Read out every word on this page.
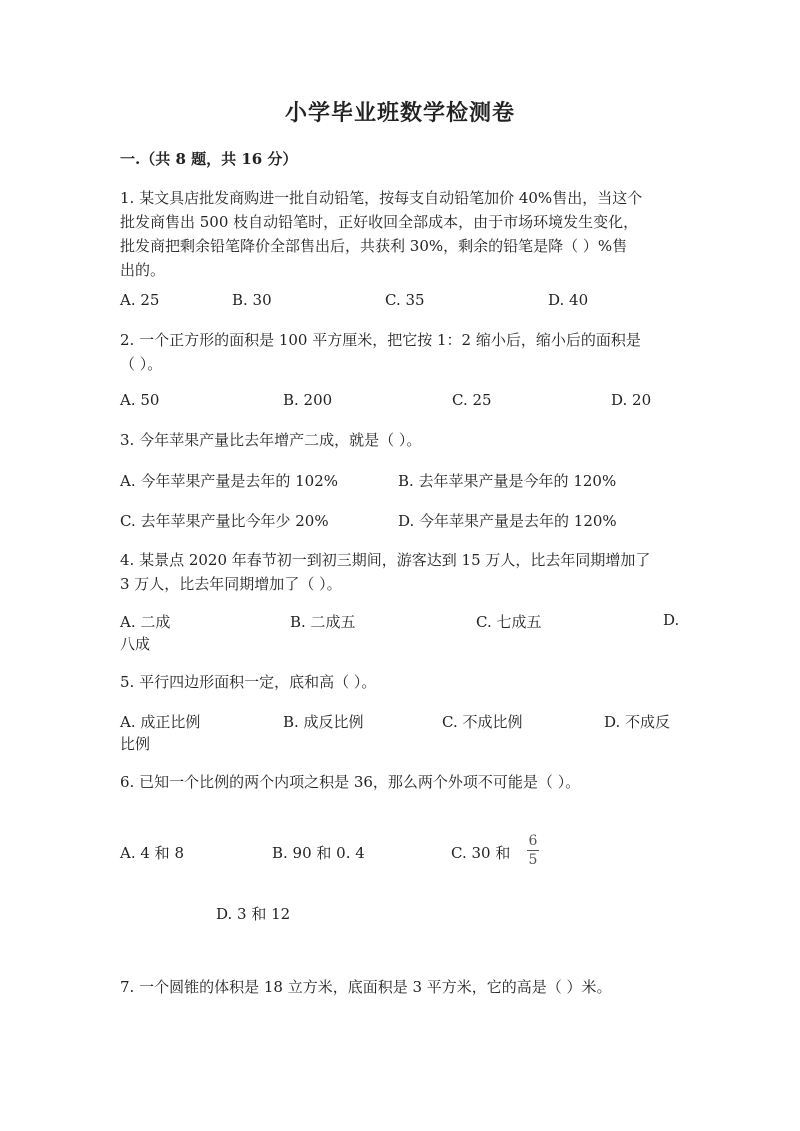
小学毕业班数学检测卷
一.（共 8 题，共 16 分）
1. 某文具店批发商购进一批自动铅笔，按每支自动铅笔加价 40%售出，当这个
批发商售出 500 枝自动铅笔时，正好收回全部成本，由于市场环境发生变化，
批发商把剩余铅笔降价全部售出后，共获利 30%，剩余的铅笔是降（ ）%售
出的。
A. 25	B. 30	C. 35	D. 40
2. 一个正方形的面积是 100 平方厘米，把它按 1：2 缩小后，缩小后的面积是
（ ）。
A. 50	B. 200	C. 25	D. 20
3. 今年苹果产量比去年增产二成，就是（ ）。
A. 今年苹果产量是去年的 102%	B. 去年苹果产量是今年的 120%
C. 去年苹果产量比今年少 20%	D. 今年苹果产量是去年的 120%
4. 某景点 2020 年春节初一到初三期间，游客达到 15 万人，比去年同期增加了
3 万人，比去年同期增加了（ ）。
A. 二成	B. 二成五	C. 七成五	D.
八成
5. 平行四边形面积一定，底和高（ ）。
A. 成正比例	B. 成反比例	C. 不成比例	D. 不成反
比例
6. 已知一个比例的两个内项之积是 36，那么两个外项不可能是（ ）。
A. 4 和 8	B. 90 和 0. 4	C. 30 和
6
5
D. 3 和 12
7. 一个圆锥的体积是 18 立方米，底面积是 3 平方米，它的高是（ ）米。
